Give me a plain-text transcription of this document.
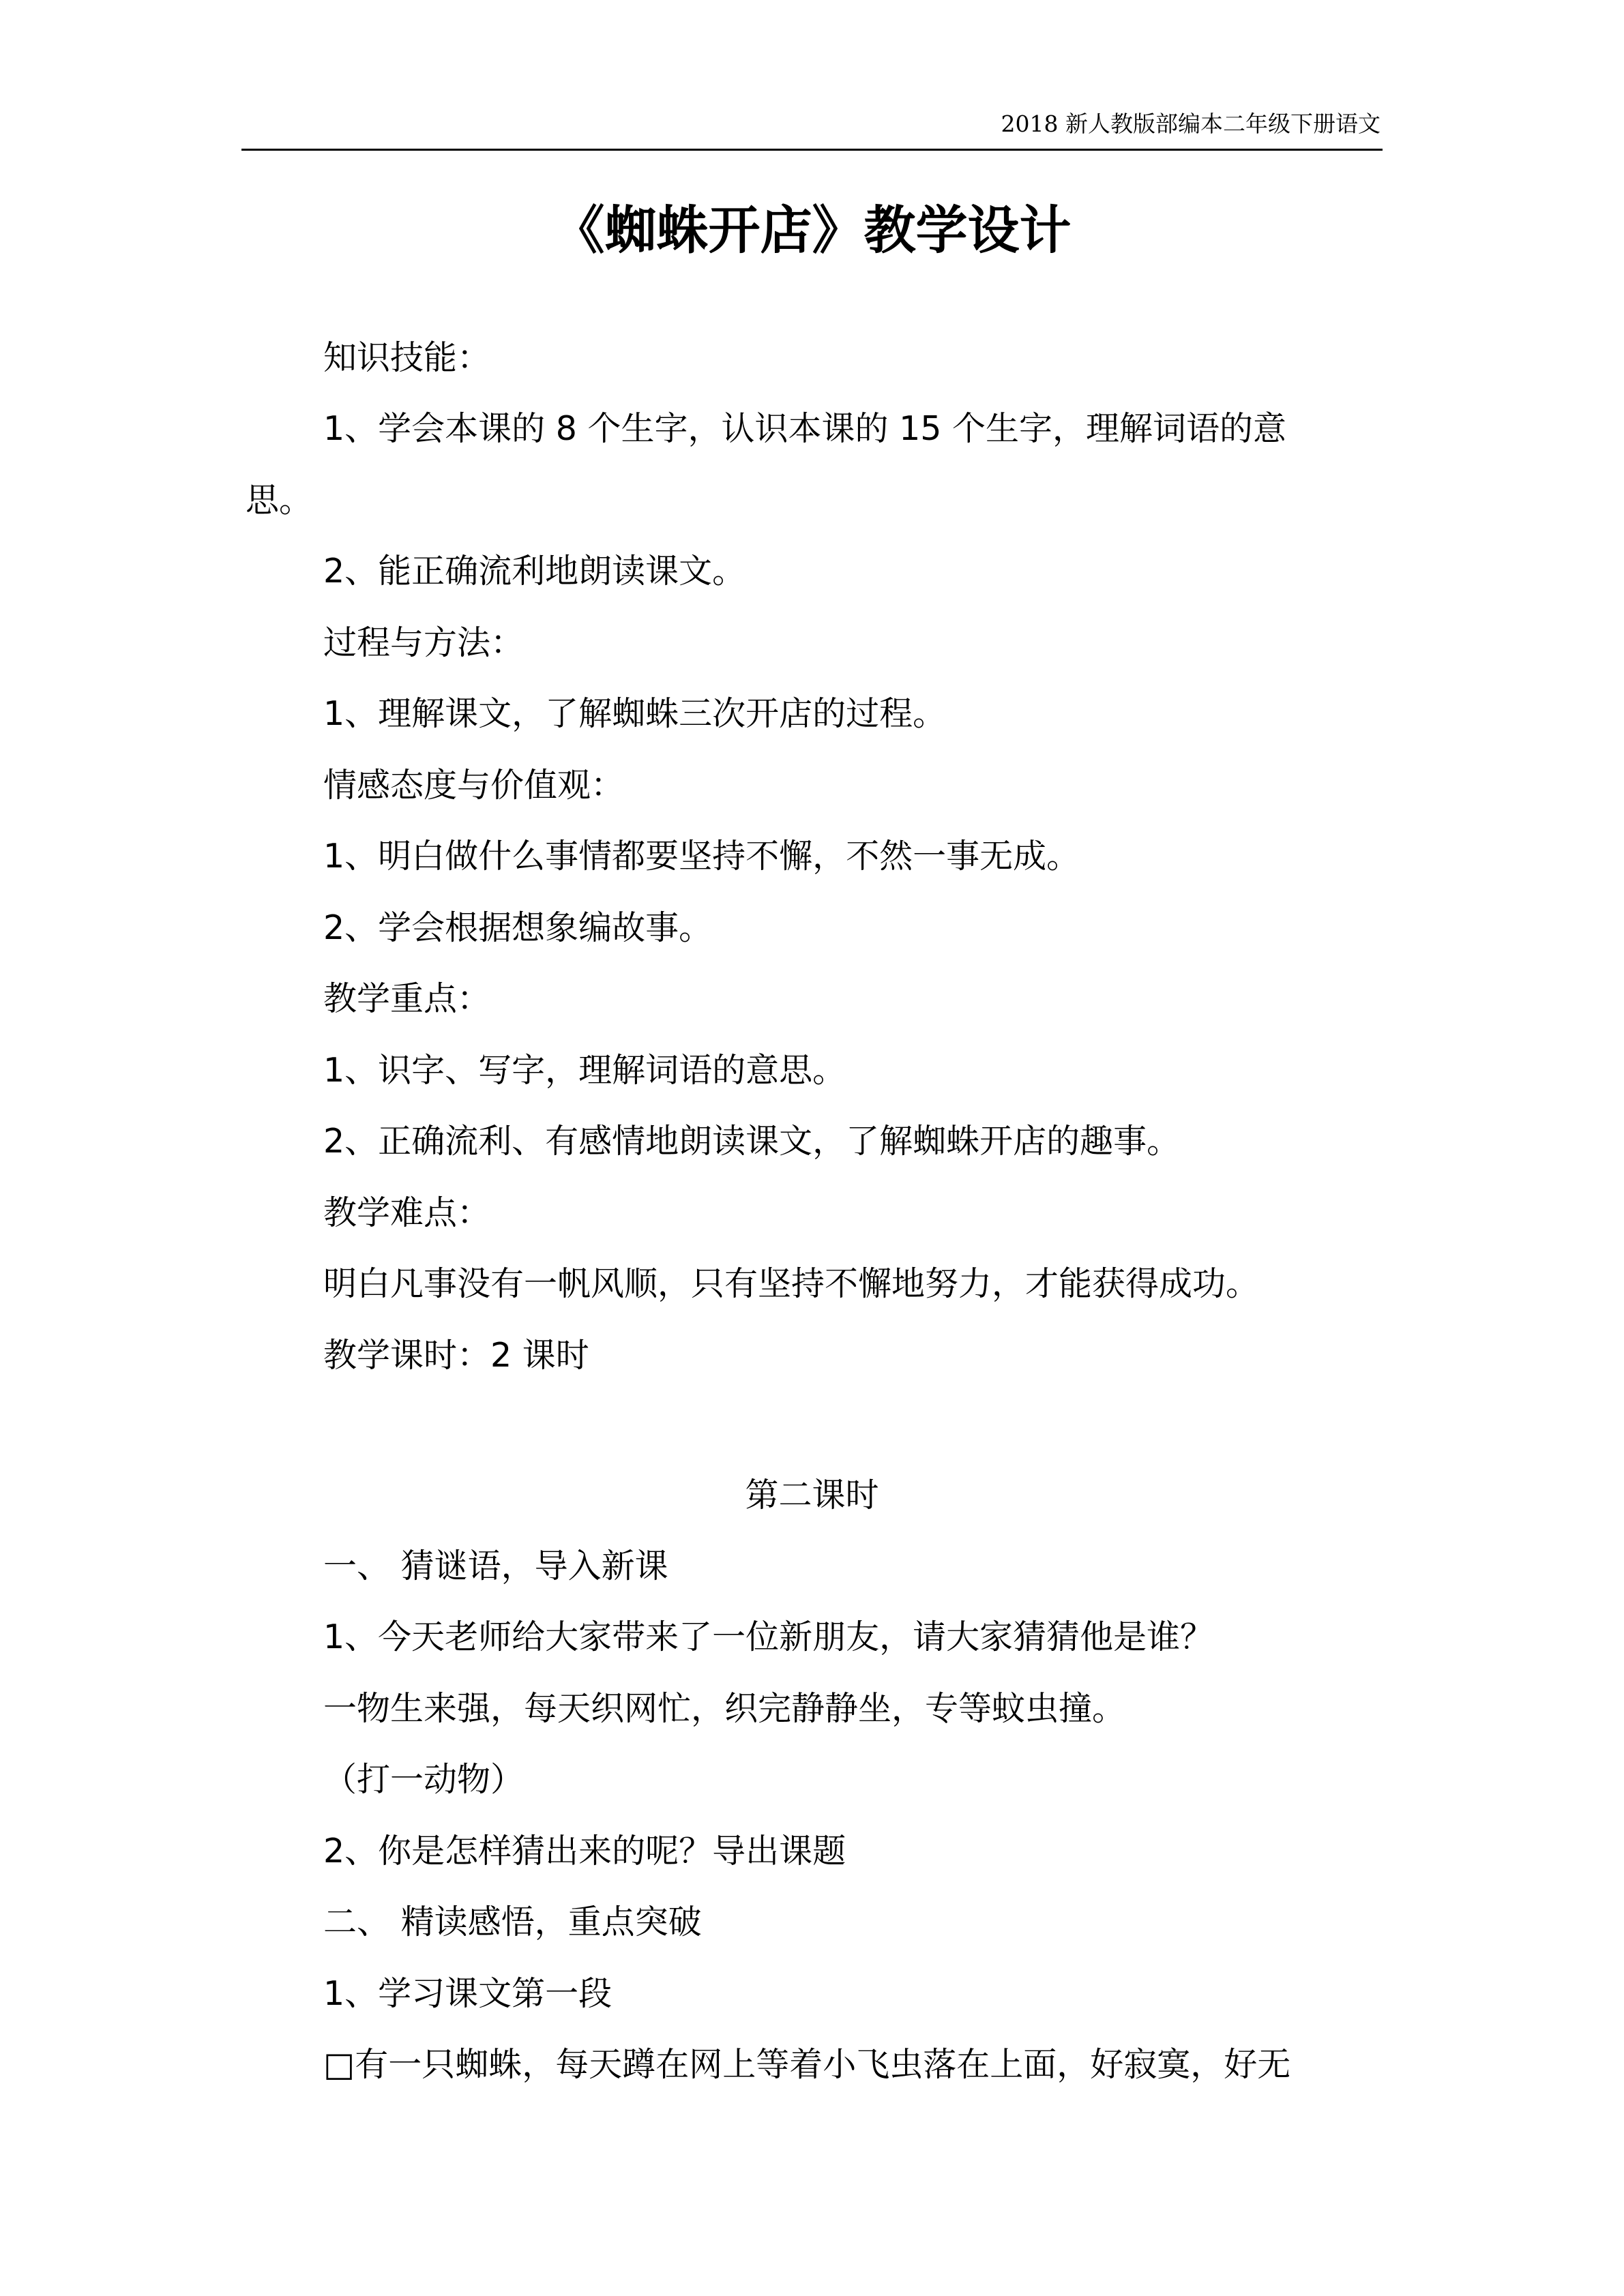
2018 新人教版部编本二年级下册语文
《蜘蛛开店》教学设计
知识技能：
1、学会本课的 8 个生字，认识本课的 15 个生字，理解词语的意
思。
2、能正确流利地朗读课文。
过程与方法：
1、理解课文，了解蜘蛛三次开店的过程。
情感态度与价值观：
1、明白做什么事情都要坚持不懈，不然一事无成。
2、学会根据想象编故事。
教学重点：
1、识字、写字，理解词语的意思。
2、正确流利、有感情地朗读课文，了解蜘蛛开店的趣事。
教学难点：
明白凡事没有一帆风顺，只有坚持不懈地努力，才能获得成功。
教学课时：2 课时
第二课时
一、 猜谜语，导入新课
1、今天老师给大家带来了一位新朋友，请大家猜猜他是谁？
一物生来强，每天织网忙，织完静静坐，专等蚊虫撞。
（打一动物）
2、你是怎样猜出来的呢？导出课题
二、 精读感悟，重点突破
1、学习课文第一段
□有一只蜘蛛，每天蹲在网上等着小飞虫落在上面，好寂寞，好无
